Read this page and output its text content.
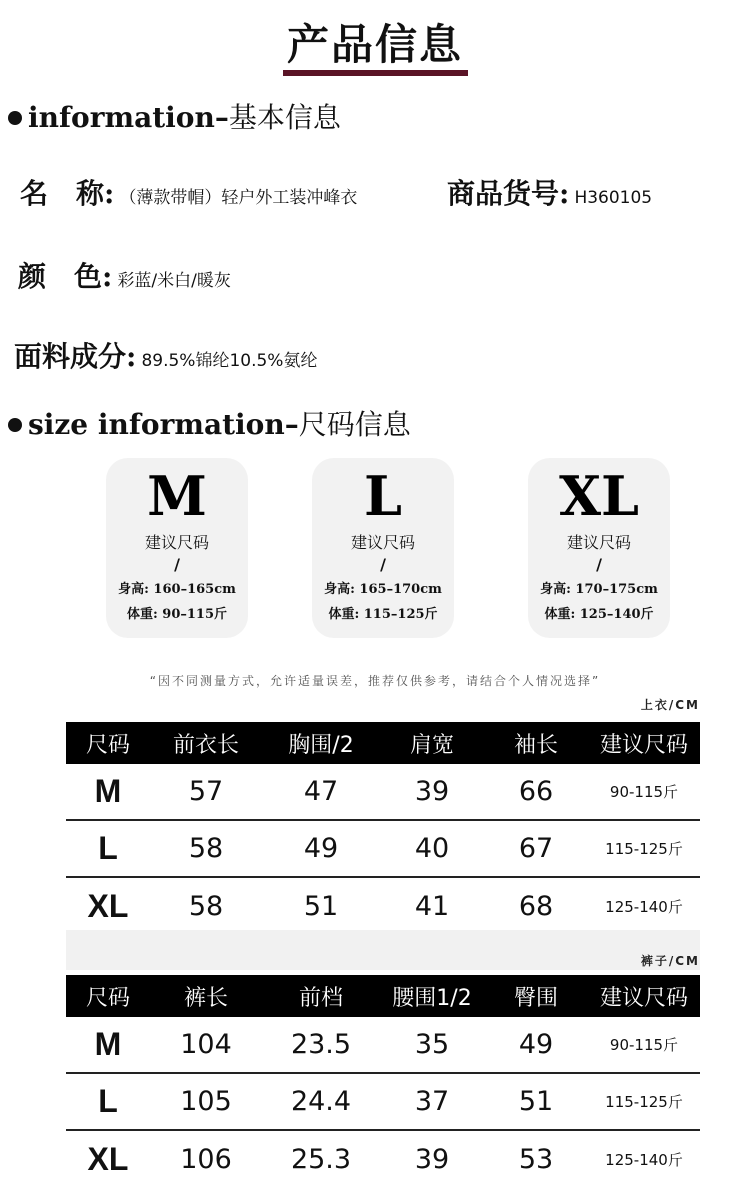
产品信息
information–基本信息
名　称: （薄款带帽）轻户外工装冲峰衣	商品货号: H360105
颜　色: 彩蓝/米白/暖灰
面料成分: 89.5%锦纶10.5%氨纶
size information–尺码信息
M
建议尺码
/
身高: 160–165cm
体重: 90–115斤
L
建议尺码
/
身高: 165–170cm
体重: 115–125斤
XL
建议尺码
/
身高: 170–175cm
体重: 125–140斤
“因不同测量方式，允许适量误差，推荐仅供参考，请结合个人情况选择”
上衣/CM
尺码	前衣长	胸围/2	肩宽	袖长	建议尺码
M	57	47	39	66	90-115斤
L	58	49	40	67	115-125斤
XL	58	51	41	68	125-140斤
裤子/CM
尺码	裤长	前档	腰围1/2	臀围	建议尺码
M	104	23.5	35	49	90-115斤
L	105	24.4	37	51	115-125斤
XL	106	25.3	39	53	125-140斤
